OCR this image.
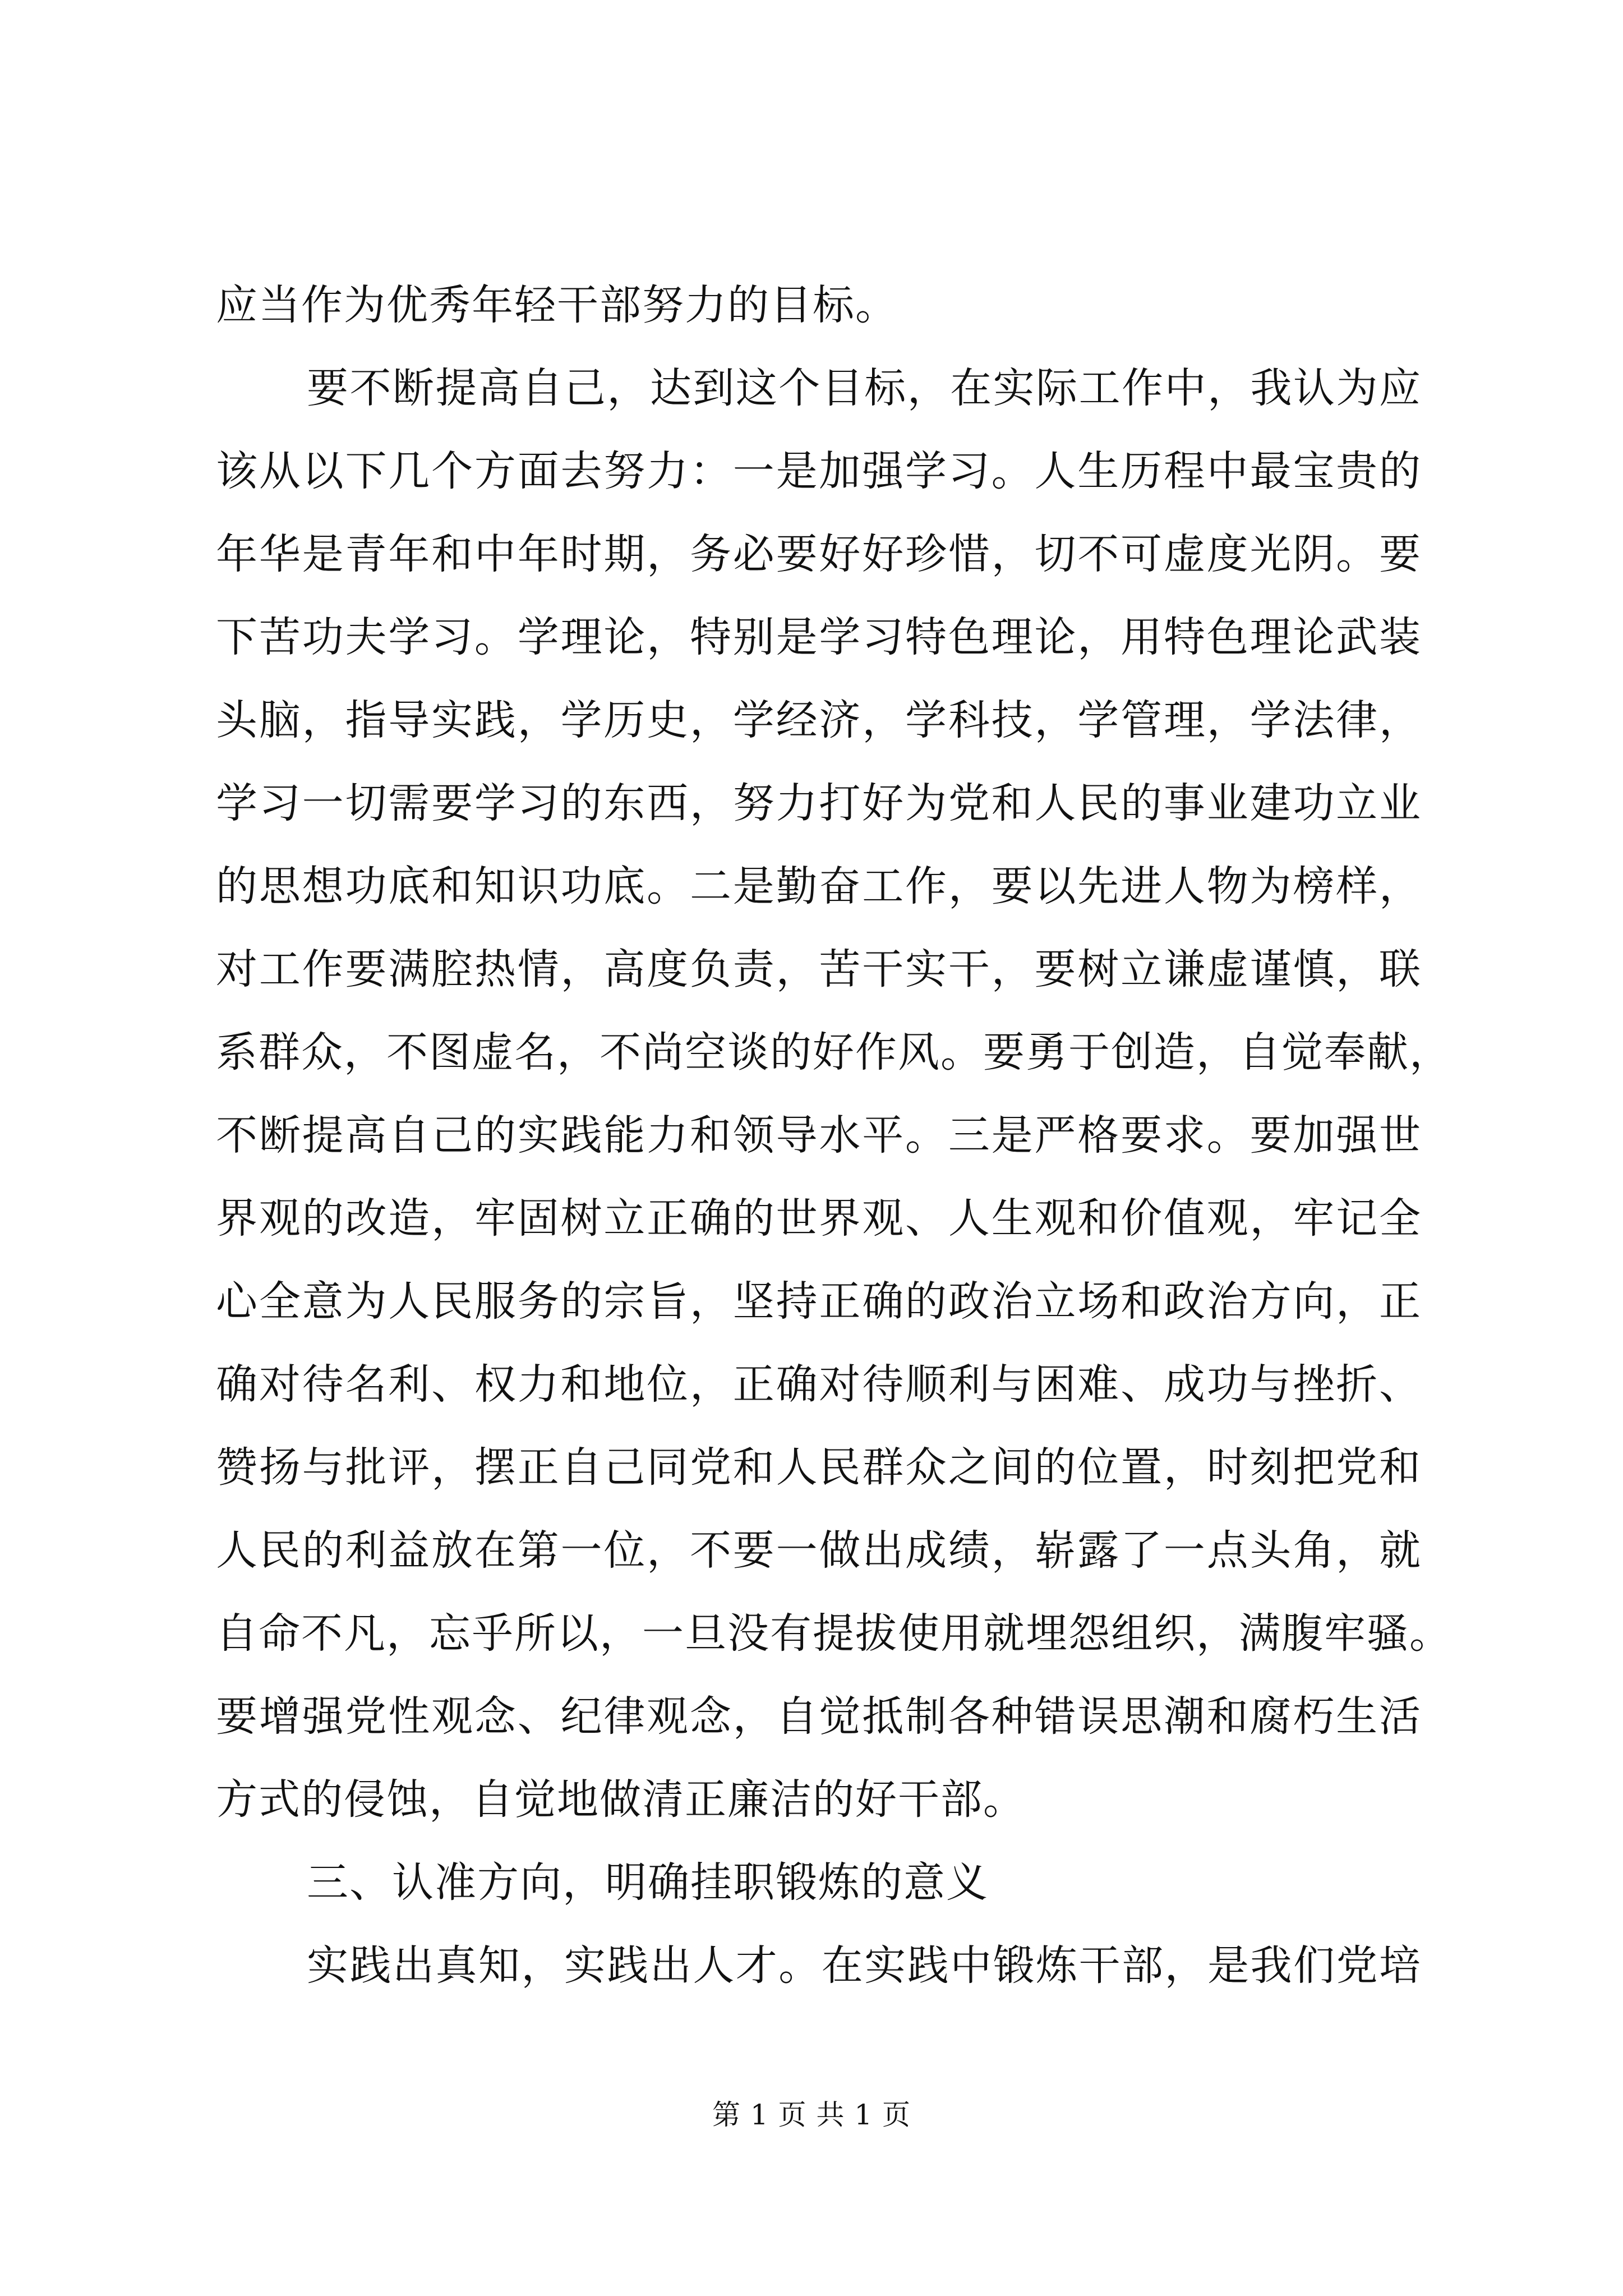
应当作为优秀年轻干部努力的目标。
要不断提高自己，达到这个目标，在实际工作中，我认为应
该从以下几个方面去努力：一是加强学习。人生历程中最宝贵的
年华是青年和中年时期，务必要好好珍惜，切不可虚度光阴。要
下苦功夫学习。学理论，特别是学习特色理论，用特色理论武装
头脑，指导实践，学历史，学经济，学科技，学管理，学法律，
学习一切需要学习的东西，努力打好为党和人民的事业建功立业
的思想功底和知识功底。二是勤奋工作，要以先进人物为榜样，
对工作要满腔热情，高度负责，苦干实干，要树立谦虚谨慎，联
系群众，不图虚名，不尚空谈的好作风。要勇于创造，自觉奉献，
不断提高自己的实践能力和领导水平。三是严格要求。要加强世
界观的改造，牢固树立正确的世界观、人生观和价值观，牢记全
心全意为人民服务的宗旨，坚持正确的政治立场和政治方向，正
确对待名利、权力和地位，正确对待顺利与困难、成功与挫折、
赞扬与批评，摆正自己同党和人民群众之间的位置，时刻把党和
人民的利益放在第一位，不要一做出成绩，崭露了一点头角，就
自命不凡，忘乎所以，一旦没有提拔使用就埋怨组织，满腹牢骚。
要增强党性观念、纪律观念，自觉抵制各种错误思潮和腐朽生活
方式的侵蚀，自觉地做清正廉洁的好干部。
三、认准方向，明确挂职锻炼的意义
实践出真知，实践出人才。在实践中锻炼干部，是我们党培
第 1 页 共 1 页
